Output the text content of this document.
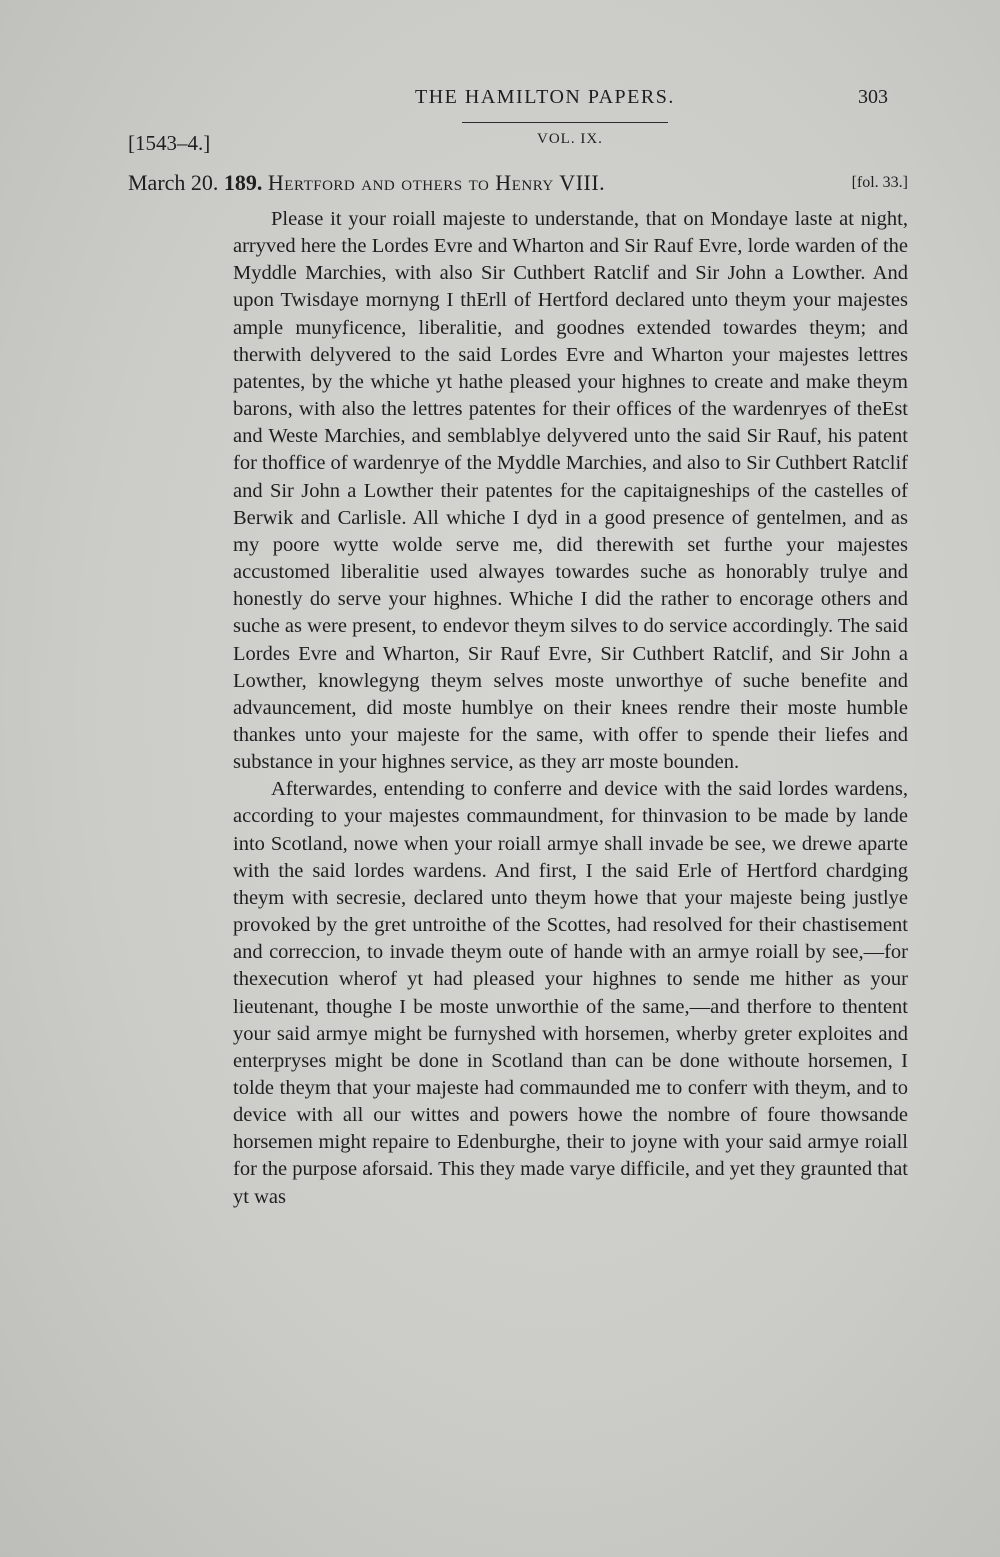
THE HAMILTON PAPERS.	303
[1543–4.]	VOL. IX.
March 20. 189. Hertford and others to Henry VIII.	[fol. 33.]

Please it your roiall majeste to understande, that on Mondaye laste at night, arryved here the Lordes Evre and Wharton and Sir Rauf Evre, lorde warden of the Myddle Marchies, with also Sir Cuthbert Ratclif and Sir John a Lowther. And upon Twisdaye mornyng I thErll of Hertford declared unto theym your majestes ample munyficence, liberalitie, and goodnes extended towardes theym; and therwith delyvered to the said Lordes Evre and Wharton your majestes lettres patentes, by the whiche yt hathe pleased your highnes to create and make theym barons, with also the lettres patentes for their offices of the wardenryes of theEst and Weste Marchies, and semblablye delyvered unto the said Sir Rauf, his patent for thoffice of wardenrye of the Myddle Marchies, and also to Sir Cuthbert Ratclif and Sir John a Lowther their patentes for the capitaigneships of the castelles of Berwik and Carlisle. All whiche I dyd in a good presence of gentelmen, and as my poore wytte wolde serve me, did therewith set furthe your majestes accustomed liberalitie used alwayes towardes suche as honorably trulye and honestly do serve your highnes. Whiche I did the rather to encorage others and suche as were present, to endevor theym silves to do service accordingly. The said Lordes Evre and Wharton, Sir Rauf Evre, Sir Cuthbert Ratclif, and Sir John a Lowther, knowlegyng theym selves moste unworthye of suche benefite and advauncement, did moste humblye on their knees rendre their moste humble thankes unto your majeste for the same, with offer to spende their liefes and substance in your highnes service, as they arr moste bounden.

Afterwardes, entending to conferre and device with the said lordes wardens, according to your majestes commaundment, for thinvasion to be made by lande into Scotland, nowe when your roiall armye shall invade be see, we drewe aparte with the said lordes wardens. And first, I the said Erle of Hertford chardging theym with secresie, declared unto theym howe that your majeste being justlye provoked by the gret untroithe of the Scottes, had resolved for their chastisement and correccion, to invade theym oute of hande with an armye roiall by see,—for thexecution wherof yt had pleased your highnes to sende me hither as your lieutenant, thoughe I be moste unworthie of the same,—and therfore to thentent your said armye might be furnyshed with horsemen, wherby greter exploites and enterpryses might be done in Scotland than can be done withoute horsemen, I tolde theym that your majeste had commaunded me to conferr with theym, and to device with all our wittes and powers howe the nombre of foure thowsande horsemen might repaire to Edenburghe, their to joyne with your said armye roiall for the purpose aforsaid. This they made varye difficile, and yet they graunted that yt was
